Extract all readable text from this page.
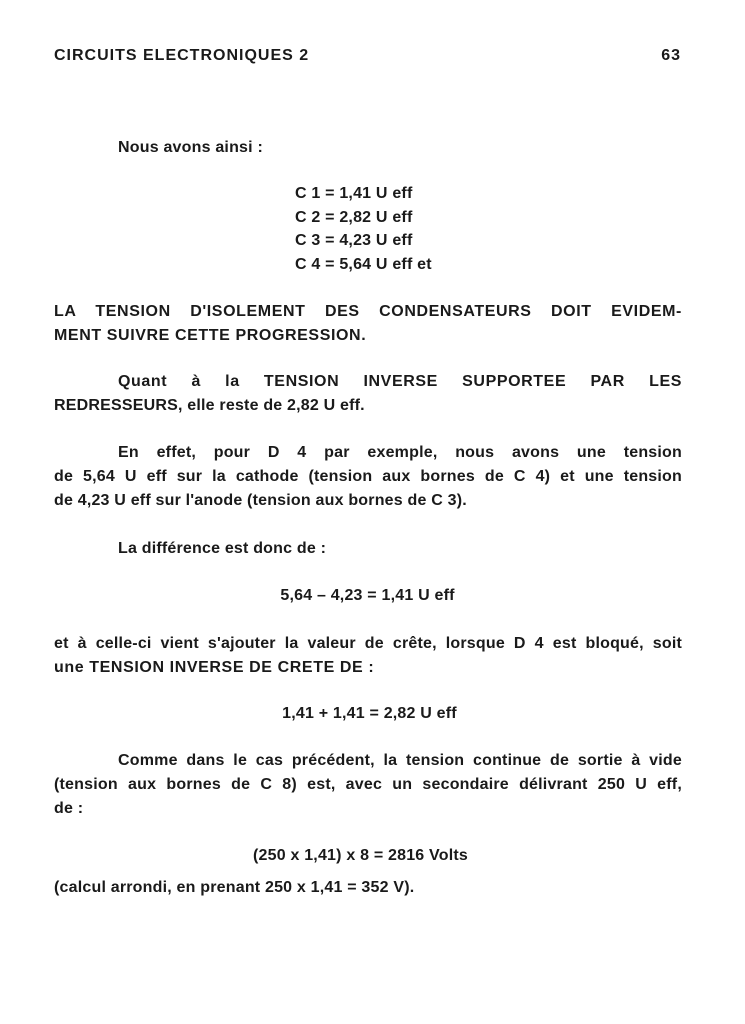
CIRCUITS ELECTRONIQUES 2	63
Nous avons ainsi :
C 1 = 1,41 U eff
C 2 = 2,82 U eff
C 3 = 4,23 U eff
C 4 = 5,64 U eff et
LA TENSION D'ISOLEMENT DES CONDENSATEURS DOIT EVIDEM-
MENT SUIVRE CETTE PROGRESSION.
Quant à la TENSION INVERSE SUPPORTEE PAR LES
REDRESSEURS, elle reste de 2,82 U eff.
En effet, pour D 4 par exemple, nous avons une tension
de 5,64 U eff sur la cathode (tension aux bornes de C 4) et une tension
de 4,23 U eff sur l'anode (tension aux bornes de C 3).
La différence est donc de :
5,64 – 4,23 = 1,41 U eff
et à celle-ci vient s'ajouter la valeur de crête, lorsque D 4 est bloqué, soit
une TENSION INVERSE DE CRETE DE :
1,41 + 1,41 = 2,82 U eff
Comme dans le cas précédent, la tension continue de sortie à vide
(tension aux bornes de C 8) est, avec un secondaire délivrant 250 U eff,
de :
(250 x 1,41) x 8 = 2816 Volts
(calcul arrondi, en prenant 250 x 1,41 = 352 V).
